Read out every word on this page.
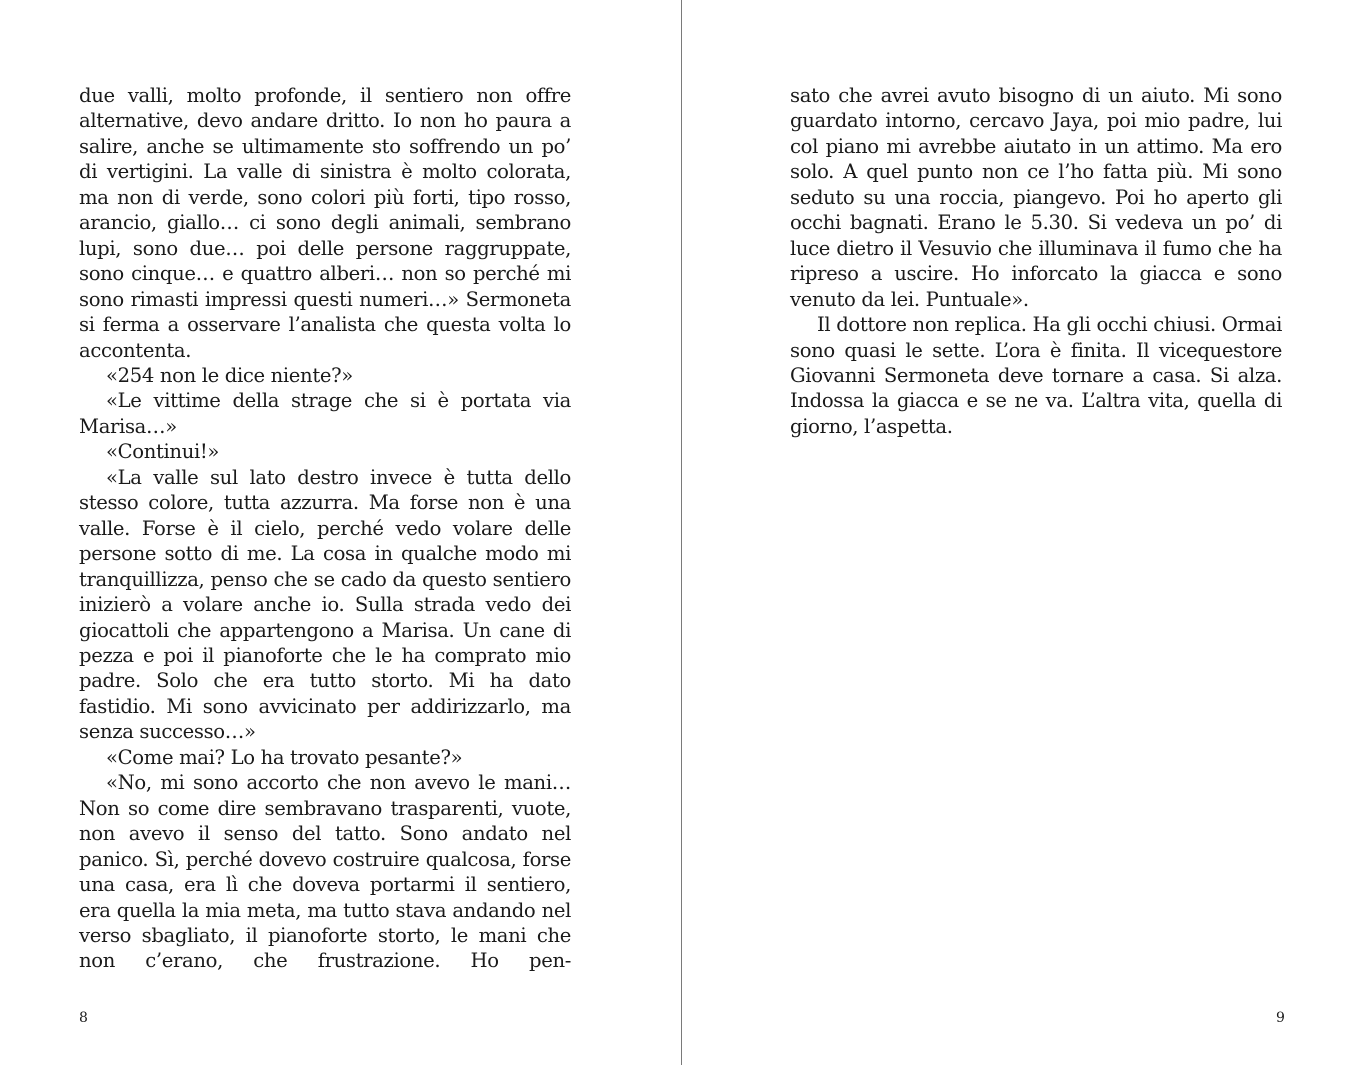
due valli, molto profonde, il sentiero non offre alternative, devo andare dritto. Io non ho paura a salire, anche se ultimamente sto soffrendo un po’ di vertigini. La valle di sinistra è molto colorata, ma non di verde, sono colori più forti, tipo rosso, arancio, giallo… ci sono degli animali, sembrano lupi, sono due… poi delle persone raggruppate, sono cinque… e quattro alberi… non so perché mi sono rimasti impressi questi numeri…» Sermoneta si ferma a osservare l’analista che questa volta lo accontenta.

«254 non le dice niente?»

«Le vittime della strage che si è portata via Marisa…»

«Continui!»

«La valle sul lato destro invece è tutta dello stesso colore, tutta azzurra. Ma forse non è una valle. Forse è il cielo, perché vedo volare delle persone sotto di me. La cosa in qualche modo mi tranquillizza, penso che se cado da questo sentiero inizierò a volare anche io. Sulla strada vedo dei giocattoli che appartengono a Marisa. Un cane di pezza e poi il pianoforte che le ha comprato mio padre. Solo che era tutto storto. Mi ha dato fastidio. Mi sono avvicinato per addirizzarlo, ma senza successo…»

«Come mai? Lo ha trovato pesante?»

«No, mi sono accorto che non avevo le mani… Non so come dire sembravano trasparenti, vuote, non avevo il senso del tatto. Sono andato nel panico. Sì, perché dovevo costruire qualcosa, forse una casa, era lì che doveva portarmi il sentiero, era quella la mia meta, ma tutto stava andando nel verso sbagliato, il pianoforte storto, le mani che non c’erano, che frustrazione. Ho pen-

8

sato che avrei avuto bisogno di un aiuto. Mi sono guardato intorno, cercavo Jaya, poi mio padre, lui col piano mi avrebbe aiutato in un attimo. Ma ero solo. A quel punto non ce l’ho fatta più. Mi sono seduto su una roccia, piangevo. Poi ho aperto gli occhi bagnati. Erano le 5.30. Si vedeva un po’ di luce dietro il Vesuvio che illuminava il fumo che ha ripreso a uscire. Ho inforcato la giacca e sono venuto da lei. Puntuale».

Il dottore non replica. Ha gli occhi chiusi. Ormai sono quasi le sette. L’ora è finita. Il vicequestore Giovanni Sermoneta deve tornare a casa. Si alza. Indossa la giacca e se ne va. L’altra vita, quella di giorno, l’aspetta.

9
